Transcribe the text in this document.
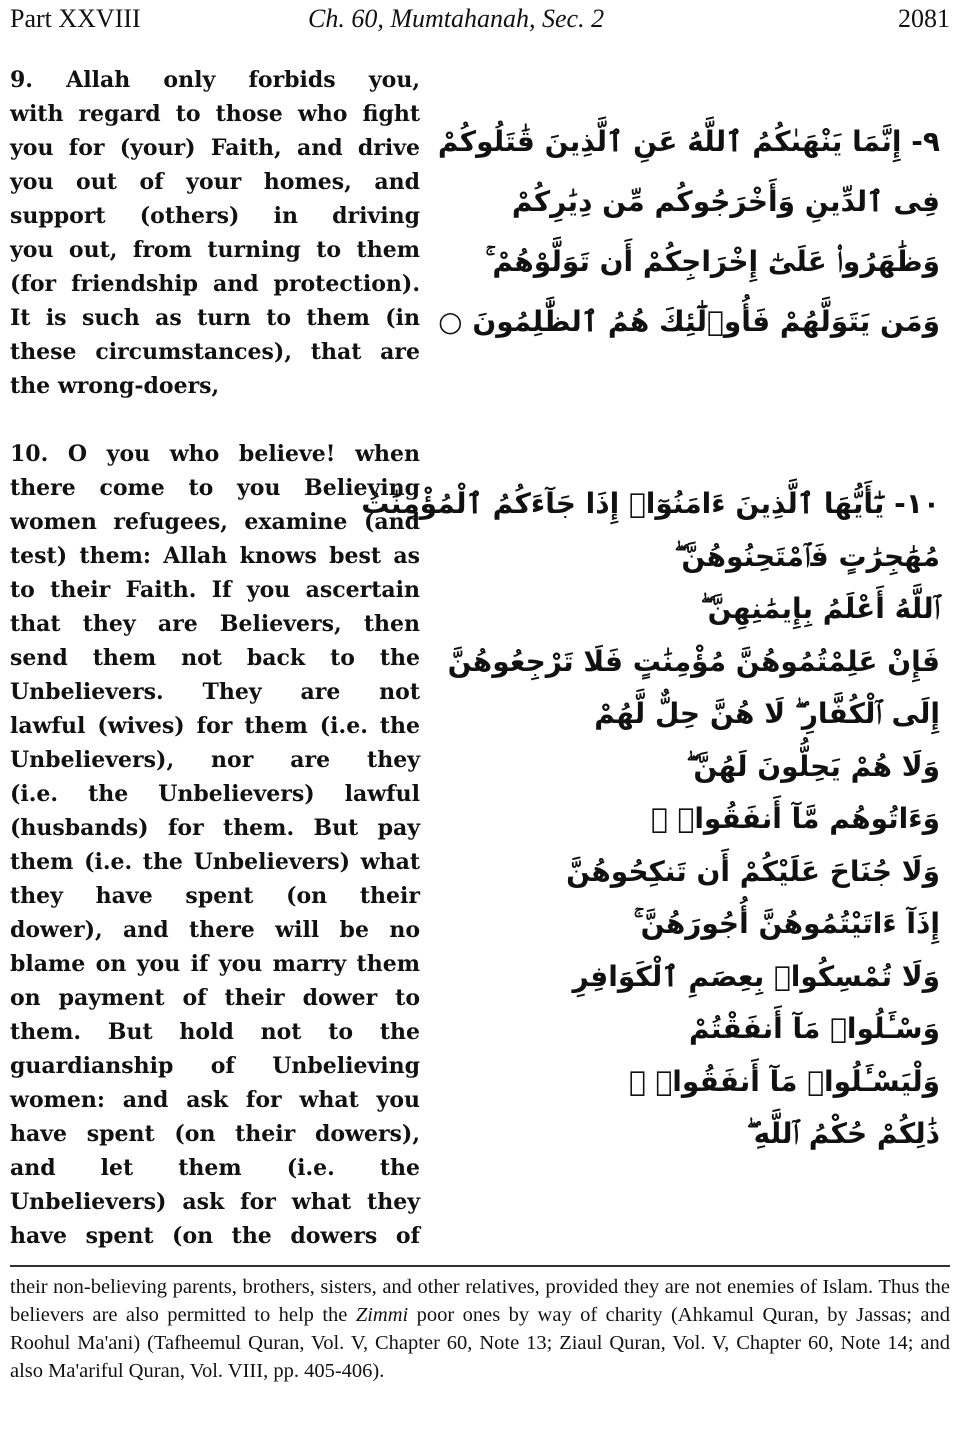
Part XXVIII	Ch. 60, Mumtahanah, Sec. 2	2081
9. Allah only forbids you,
with regard to those who fight
you for (your) Faith, and drive
you out of your homes, and
support (others) in driving
you out, from turning to them
(for friendship and protection).
It is such as turn to them (in
these circumstances), that are
the wrong-doers,
٩- إِنَّمَا يَنْهَىٰكُمُ ٱللَّهُ عَنِ ٱلَّذِينَ قَٰتَلُوكُمْ
فِى ٱلدِّينِ وَأَخْرَجُوكُم مِّن دِيَٰرِكُمْ
وَظَٰهَرُوا۟ عَلَىٰٓ إِخْرَاجِكُمْ أَن تَوَلَّوْهُمْ ۚ
وَمَن يَتَوَلَّهُمْ فَأُو۟لَٰٓئِكَ هُمُ ٱلظَّٰلِمُونَ ○
10. O you who believe! when
there come to you Believing
women refugees, examine (and
test) them: Allah knows best as
to their Faith. If you ascertain
that they are Believers, then
send them not back to the
Unbelievers. They are not
lawful (wives) for them (i.e. the
Unbelievers), nor are they
(i.e. the Unbelievers) lawful
(husbands) for them. But pay
them (i.e. the Unbelievers) what
they have spent (on their
dower), and there will be no
blame on you if you marry them
on payment of their dower to
them. But hold not to the
guardianship of Unbelieving
women: and ask for what you
have spent (on their dowers),
and let them (i.e. the
Unbelievers) ask for what they
have spent (on the dowers of
١٠- يَٰٓأَيُّهَا ٱلَّذِينَ ءَامَنُوٓا۟ إِذَا جَآءَكُمُ ٱلْمُؤْمِنَٰتُ
مُهَٰجِرَٰتٍ فَٱمْتَحِنُوهُنَّ ۖ
ٱللَّهُ أَعْلَمُ بِإِيمَٰنِهِنَّ ۖ
فَإِنْ عَلِمْتُمُوهُنَّ مُؤْمِنَٰتٍ فَلَا تَرْجِعُوهُنَّ
إِلَى ٱلْكُفَّارِ ۖ لَا هُنَّ حِلٌّ لَّهُمْ
وَلَا هُمْ يَحِلُّونَ لَهُنَّ ۖ
وَءَاتُوهُم مَّآ أَنفَقُوا۟ ۚ
وَلَا جُنَاحَ عَلَيْكُمْ أَن تَنكِحُوهُنَّ
إِذَآ ءَاتَيْتُمُوهُنَّ أُجُورَهُنَّ ۚ
وَلَا تُمْسِكُوا۟ بِعِصَمِ ٱلْكَوَافِرِ
وَسْـَٔلُوا۟ مَآ أَنفَقْتُمْ
وَلْيَسْـَٔلُوا۟ مَآ أَنفَقُوا۟ ۚ
ذَٰلِكُمْ حُكْمُ ٱللَّهِ ۖ

their non-believing parents, brothers, sisters, and other relatives, provided they are not enemies of Islam. Thus the believers are also permitted to help the Zimmi poor ones by way of charity (Ahkamul Quran, by Jassas; and Roohul Ma'ani) (Tafheemul Quran, Vol. V, Chapter 60, Note 13; Ziaul Quran, Vol. V, Chapter 60, Note 14; and also Ma'ariful Quran, Vol. VIII, pp. 405-406).
